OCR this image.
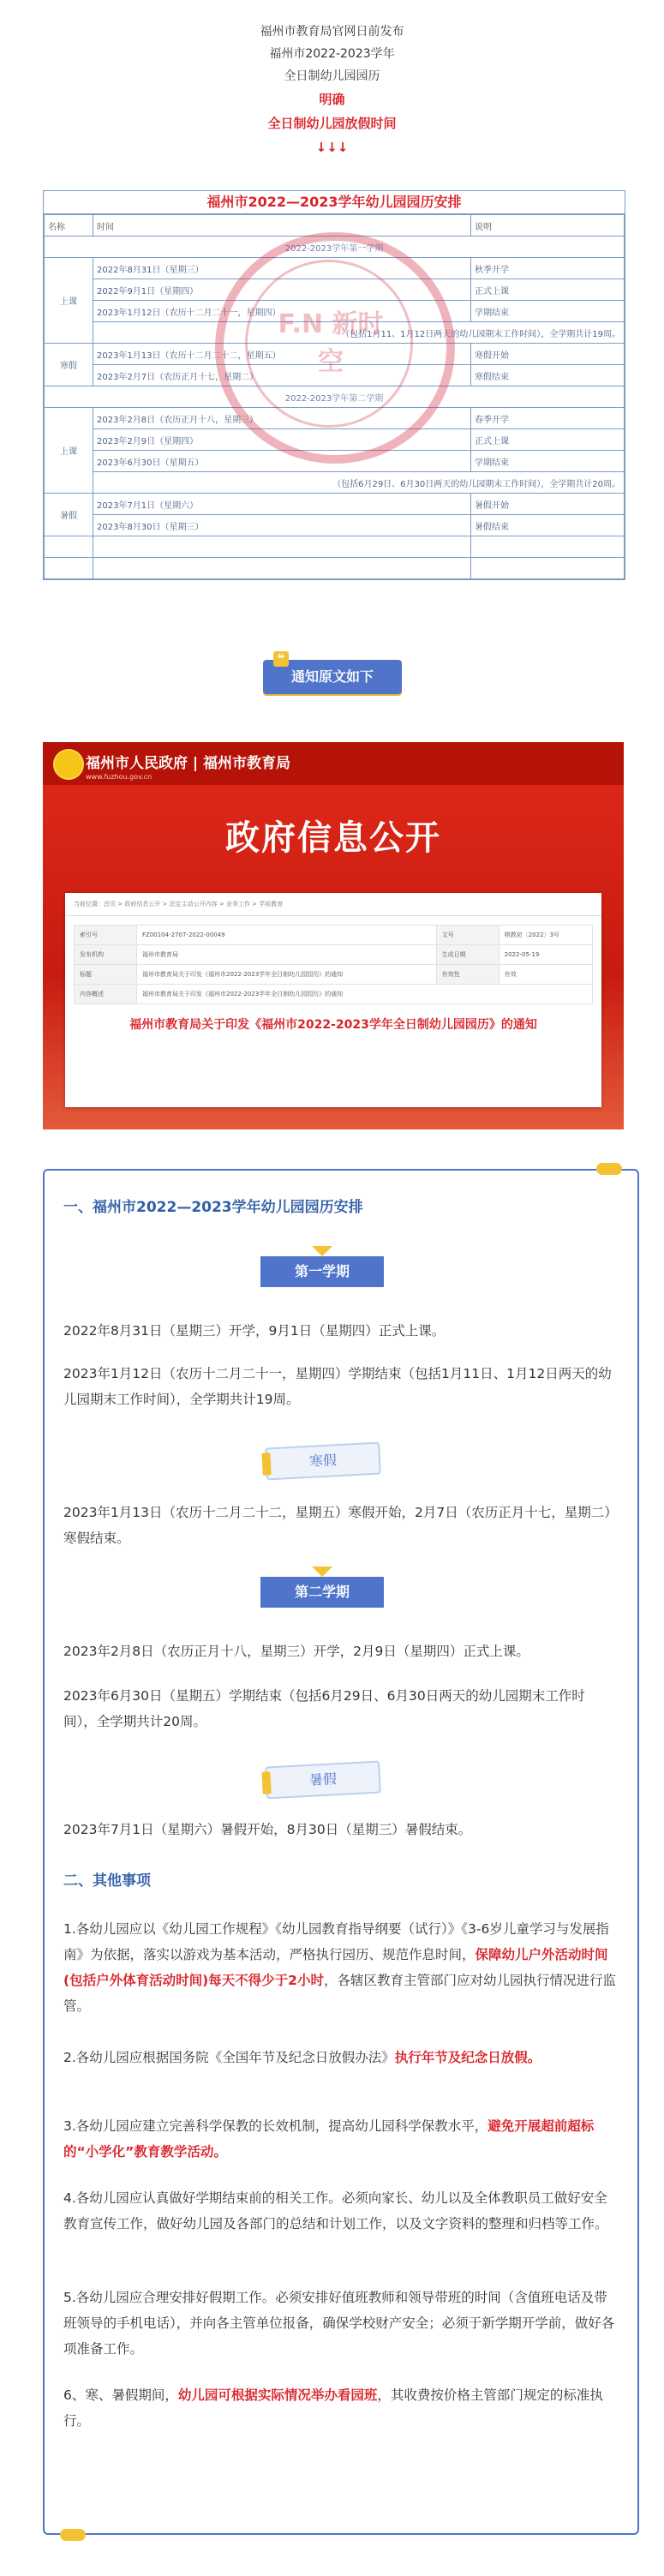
福州市教育局官网日前发布
福州市2022-2023学年
全日制幼儿园园历
明确
全日制幼儿园放假时间
↓↓↓
福州市2022—2023学年幼儿园园历安排
名称	时间	说明
2022-2023学年第一学期		
上课	2022年8月31日（星期三）	秋季开学
	2022年9月1日（星期四）	正式上课
	2023年1月12日（农历十二月二十一，星期四）	学期结束
	（包括1月11、1月12日两天的幼儿园期末工作时间），全学期共计19周。	
寒假	2023年1月13日（农历十二月二十二，星期五）	寒假开始
	2023年2月7日（农历正月十七，星期二）	寒假结束
2022-2023学年第二学期		
上课	2023年2月8日（农历正月十八，星期三）	春季开学
	2023年2月9日（星期四）	正式上课
	2023年6月30日（星期五）	学期结束
	（包括6月29日、6月30日两天的幼儿园期末工作时间），全学期共计20周。	
暑假	2023年7月1日（星期六）	暑假开始
	2023年8月30日（星期三）	暑假结束

F.N 新时空
❝
通知原文如下
福州市人民政府 | 福州市教育局
www.fuzhou.gov.cn
政府信息公开
当前位置：首页 > 政府信息公开 > 法定主动公开内容 > 业务工作 > 学前教育
索引号	FZ00104-2707-2022-00049	文号	榕教初〔2022〕3号
发布机构	福州市教育局	生成日期	2022-05-19
标题	福州市教育局关于印发《福州市2022-2023学年全日制幼儿园园历》的通知	有效性	有效
内容概述	福州市教育局关于印发《福州市2022-2023学年全日制幼儿园园历》的通知		
福州市教育局关于印发《福州市2022-2023学年全日制幼儿园园历》的通知
一、福州市2022—2023学年幼儿园园历安排
第一学期
2022年8月31日（星期三）开学，9月1日（星期四）正式上课。
2023年1月12日（农历十二月二十一，星期四）学期结束（包括1月11日、1月12日两天的幼儿园期末工作时间），全学期共计19周。
寒假
2023年1月13日（农历十二月二十二，星期五）寒假开始，2月7日（农历正月十七，星期二）寒假结束。
第二学期
2023年2月8日（农历正月十八，星期三）开学，2月9日（星期四）正式上课。
2023年6月30日（星期五）学期结束（包括6月29日、6月30日两天的幼儿园期末工作时间），全学期共计20周。
暑假
2023年7月1日（星期六）暑假开始，8月30日（星期三）暑假结束。
二、其他事项
1.各幼儿园应以《幼儿园工作规程》《幼儿园教育指导纲要（试行）》《3-6岁儿童学习与发展指南》为依据，落实以游戏为基本活动，严格执行园历、规范作息时间，保障幼儿户外活动时间(包括户外体育活动时间)每天不得少于2小时，各辖区教育主管部门应对幼儿园执行情况进行监管。
2.各幼儿园应根据国务院《全国年节及纪念日放假办法》执行年节及纪念日放假。
3.各幼儿园应建立完善科学保教的长效机制，提高幼儿园科学保教水平，避免开展超前超标的“小学化”教育教学活动。
4.各幼儿园应认真做好学期结束前的相关工作。必须向家长、幼儿以及全体教职员工做好安全教育宣传工作，做好幼儿园及各部门的总结和计划工作，以及文字资料的整理和归档等工作。
5.各幼儿园应合理安排好假期工作。必须安排好值班教师和领导带班的时间（含值班电话及带班领导的手机电话），并向各主管单位报备，确保学校财产安全；必须于新学期开学前，做好各项准备工作。
6、寒、暑假期间，幼儿园可根据实际情况举办看园班，其收费按价格主管部门规定的标准执行。
